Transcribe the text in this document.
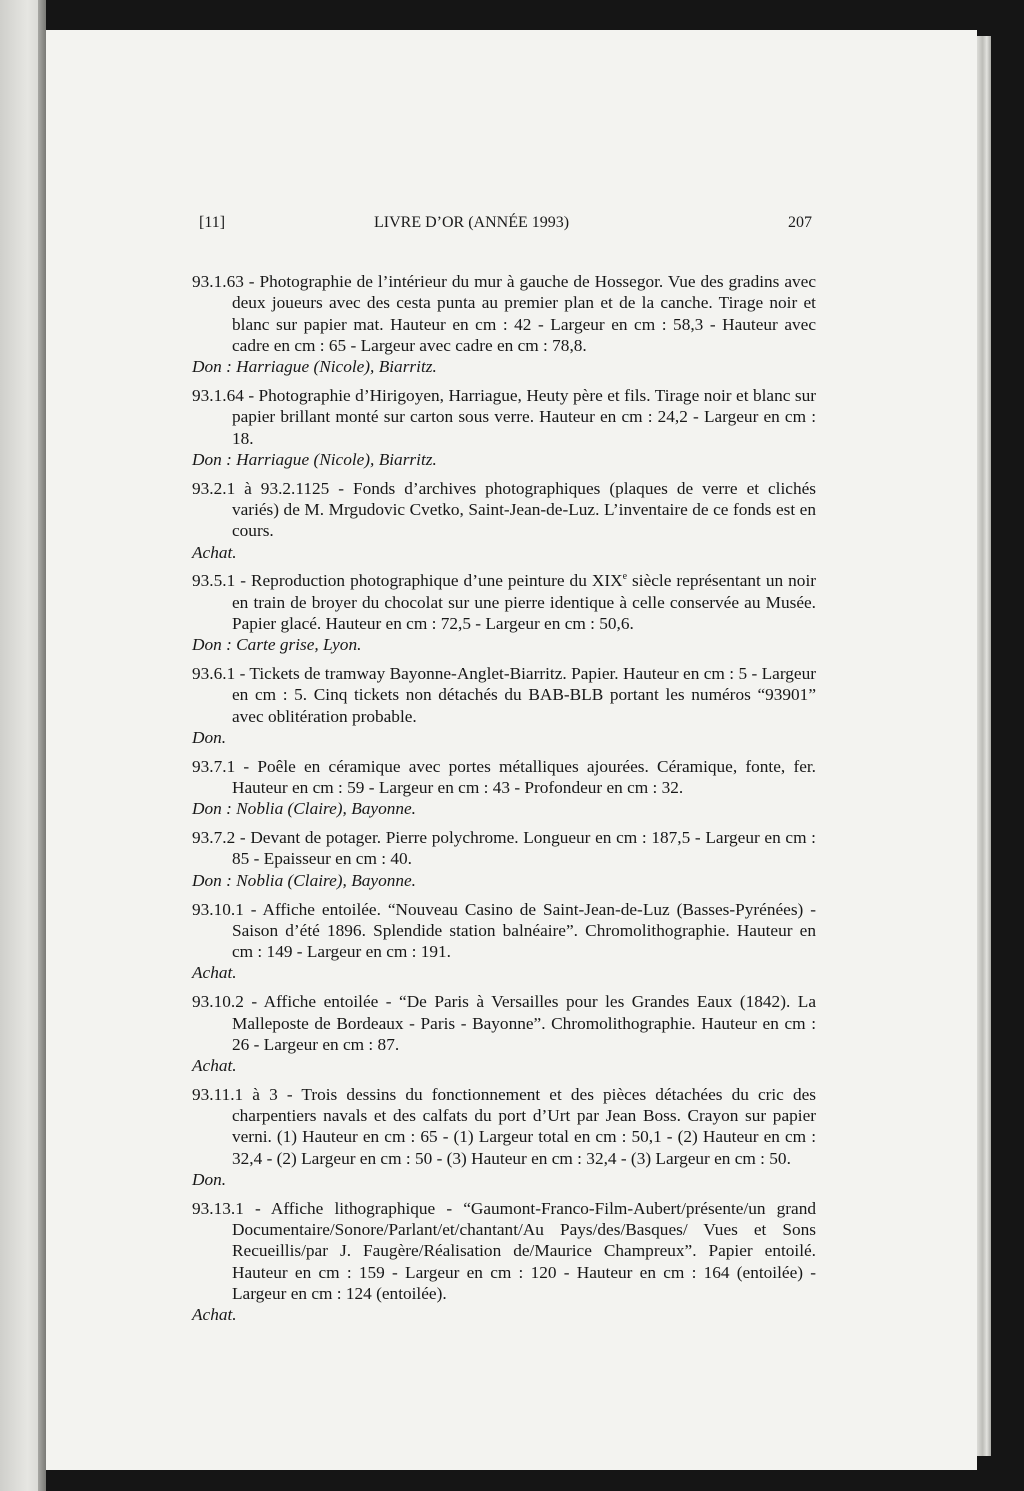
[11]	LIVRE D’OR (ANNÉE 1993)	207

93.1.63 - Photographie de l’intérieur du mur à gauche de Hossegor. Vue des gradins avec deux joueurs avec des cesta punta au premier plan et de la canche. Tirage noir et blanc sur papier mat. Hauteur en cm : 42 - Largeur en cm : 58,3 - Hauteur avec cadre en cm : 65 - Largeur avec cadre en cm : 78,8.

Don : Harriague (Nicole), Biarritz.

93.1.64 - Photographie d’Hirigoyen, Harriague, Heuty père et fils. Tirage noir et blanc sur papier brillant monté sur carton sous verre. Hauteur en cm : 24,2 - Largeur en cm : 18.

Don : Harriague (Nicole), Biarritz.

93.2.1 à 93.2.1125 - Fonds d’archives photographiques (plaques de verre et clichés variés) de M. Mrgudovic Cvetko, Saint-Jean-de-Luz. L’inventaire de ce fonds est en cours.

Achat.

93.5.1 - Reproduction photographique d’une peinture du XIXe siècle représentant un noir en train de broyer du chocolat sur une pierre identique à celle conservée au Musée. Papier glacé. Hauteur en cm : 72,5 - Largeur en cm : 50,6.

Don : Carte grise, Lyon.

93.6.1 - Tickets de tramway Bayonne-Anglet-Biarritz. Papier. Hauteur en cm : 5 - Largeur en cm : 5. Cinq tickets non détachés du BAB-BLB portant les numéros “93901” avec oblitération probable.

Don.

93.7.1 - Poêle en céramique avec portes métalliques ajourées. Céramique, fonte, fer. Hauteur en cm : 59 - Largeur en cm : 43 - Profondeur en cm : 32.

Don : Noblia (Claire), Bayonne.

93.7.2 - Devant de potager. Pierre polychrome. Longueur en cm : 187,5 - Largeur en cm : 85 - Epaisseur en cm : 40.

Don : Noblia (Claire), Bayonne.

93.10.1 - Affiche entoilée. “Nouveau Casino de Saint-Jean-de-Luz (Basses-Pyrénées) - Saison d’été 1896. Splendide station balnéaire”. Chromolithographie. Hauteur en cm : 149 - Largeur en cm : 191.

Achat.

93.10.2 - Affiche entoilée - “De Paris à Versailles pour les Grandes Eaux (1842). La Malleposte de Bordeaux - Paris - Bayonne”. Chromolithographie. Hauteur en cm : 26 - Largeur en cm : 87.

Achat.

93.11.1 à 3 - Trois dessins du fonctionnement et des pièces détachées du cric des charpentiers navals et des calfats du port d’Urt par Jean Boss. Crayon sur papier verni. (1) Hauteur en cm : 65 - (1) Largeur total en cm : 50,1 - (2) Hauteur en cm : 32,4 - (2) Largeur en cm : 50 - (3) Hauteur en cm : 32,4 - (3) Largeur en cm : 50.

Don.

93.13.1 - Affiche lithographique - “Gaumont-Franco-Film-Aubert/présente/un grand Documentaire/Sonore/Parlant/et/chantant/Au Pays/des/Basques/ Vues et Sons Recueillis/par J. Faugère/Réalisation de/Maurice Champreux”. Papier entoilé. Hauteur en cm : 159 - Largeur en cm : 120 - Hauteur en cm : 164 (entoilée) - Largeur en cm : 124 (entoilée).

Achat.
